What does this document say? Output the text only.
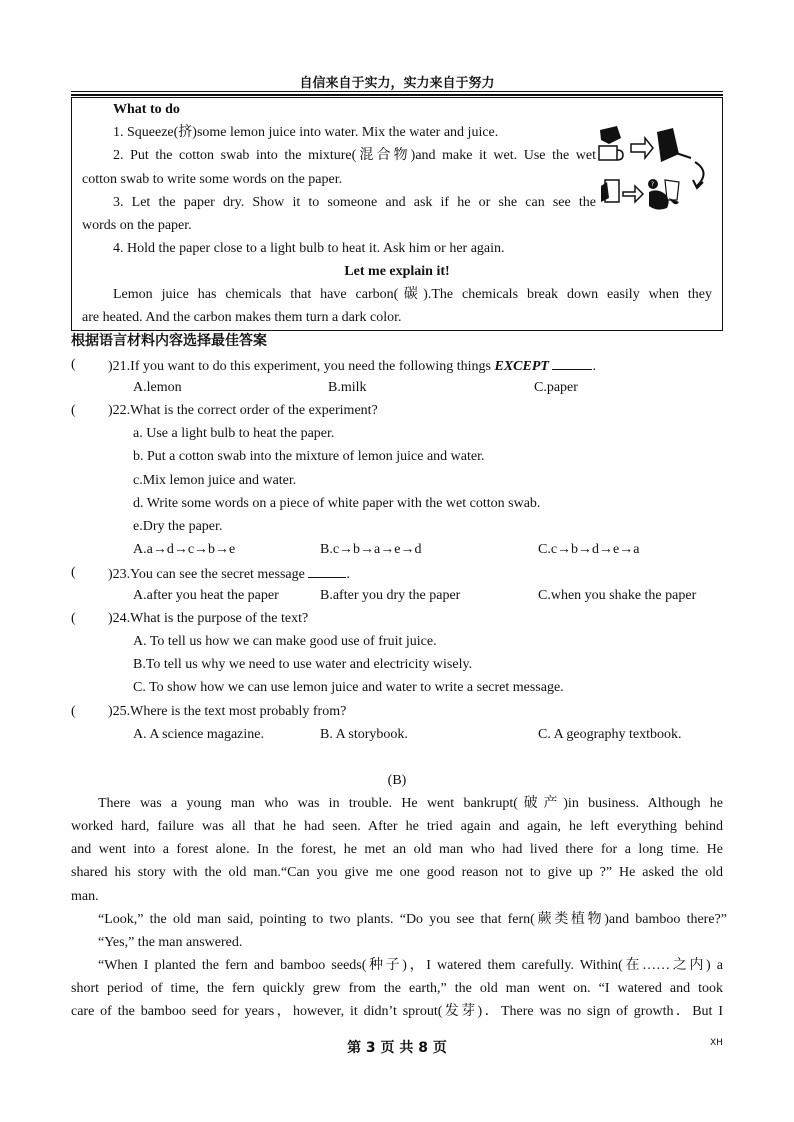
自信来自于实力，实力来自于努力
What to do
1. Squeeze(挤)some lemon juice into water. Mix the water and juice.
2. Put the cotton swab into the mixture(混合物)and make it wet. Use the wet
cotton swab to write some words on the paper.
3. Let the paper dry. Show it to someone and ask if he or she can see the
words on the paper.
4. Hold the paper close to a light bulb to heat it. Ask him or her again.
Let me explain it!
Lemon juice has chemicals that have carbon(碳).The chemicals break down easily when they
are heated. And the carbon makes them turn a dark color.
?
根据语言材料内容选择最佳答案
( )21.If you want to do this experiment, you need the following things EXCEPT	.
A.lemon	B.milk	C.paper
( )22.What is the correct order of the experiment?
a. Use a light bulb to heat the paper.
b. Put a cotton swab into the mixture of lemon juice and water.
c.Mix lemon juice and water.
d. Write some words on a piece of white paper with the wet cotton swab.
e.Dry the paper.
A.a→d→c→b→e	B.c→b→a→e→d	C.c→b→d→e→a
( )23.You can see the secret message	.
A.after you heat the paper	B.after you dry the paper	C.when you shake the paper
( )24.What is the purpose of the text?
A. To tell us how we can make good use of fruit juice.
B.To tell us why we need to use water and electricity wisely.
C. To show how we can use lemon juice and water to write a secret message.
( )25.Where is the text most probably from?
A. A science magazine.	B. A storybook.	C. A geography textbook.
(B)
There was a young man who was in trouble. He went bankrupt(破产)in business. Although he
worked hard, failure was all that he had seen. After he tried again and again, he left everything behind
and went into a forest alone. In the forest, he met an old man who had lived there for a long time. He
shared his story with the old man.“Can you give me one good reason not to give up ?” He asked the old
man.
“Look,” the old man said, pointing to two plants. “Do you see that fern(蕨类植物)and bamboo there?”
“Yes,” the man answered.
“When I planted the fern and bamboo seeds(种子)，I watered them carefully. Within(在……之内) a
short period of time, the fern quickly grew from the earth,” the old man went on. “I watered and took
care of the bamboo seed for years，however, it didn’t sprout(发芽)．There was no sign of growth．But I
第 3 页 共 8 页	XH
